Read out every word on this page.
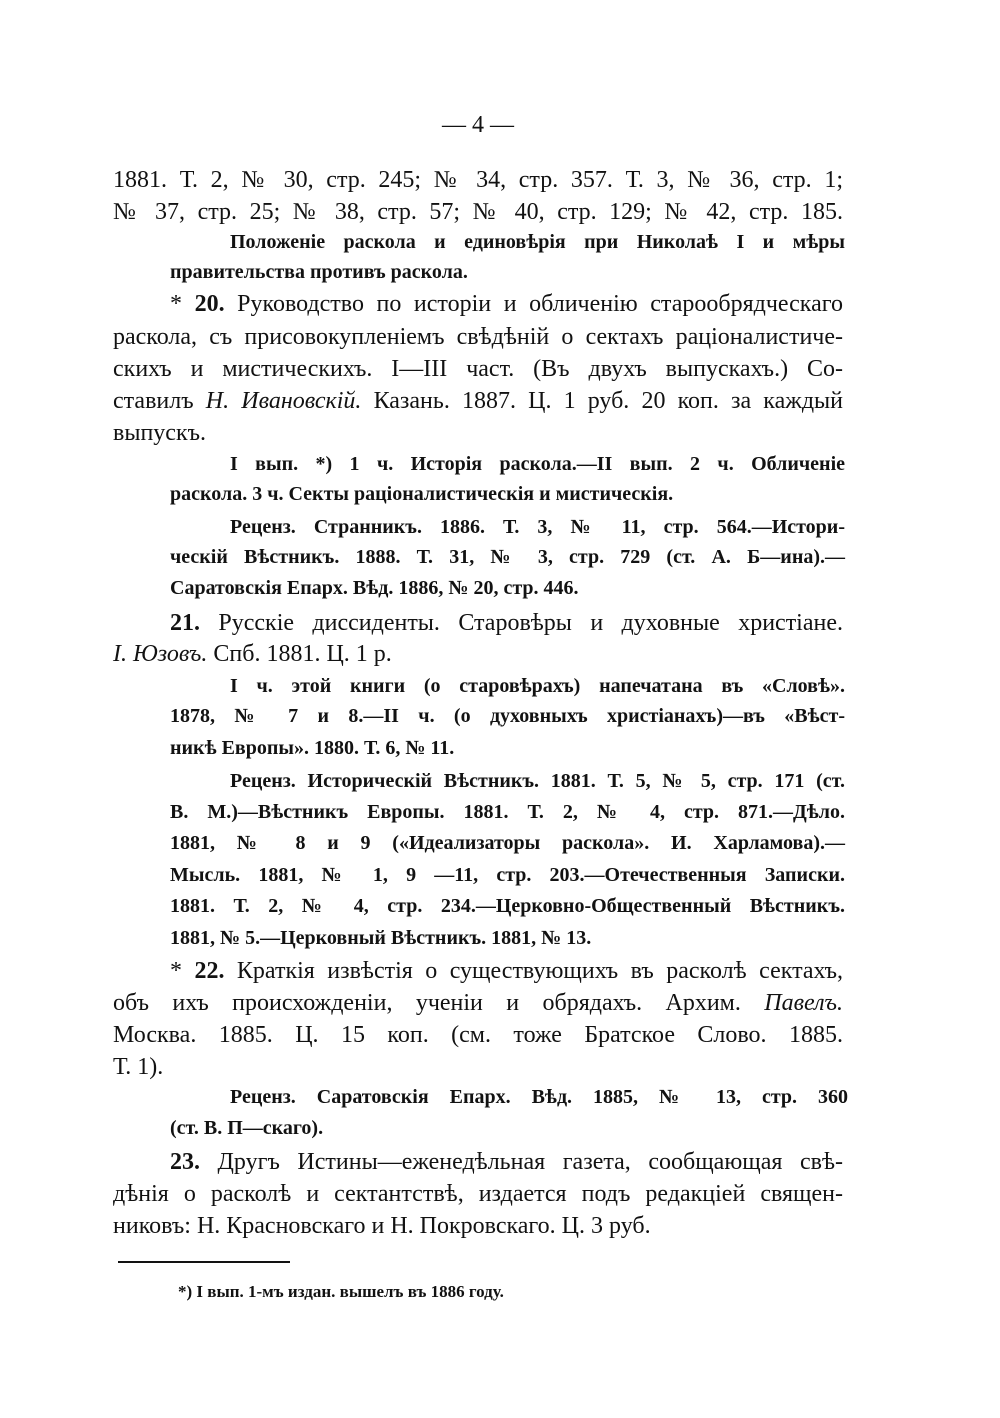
— 4 —
1881. Т. 2, № 30, стр. 245; № 34, стр. 357. Т. 3, № 36, стр. 1;
№ 37, стр. 25; № 38, стр. 57; № 40, стр. 129; № 42, стр. 185.
Положеніе раскола и единовѣрія при Николаѣ I и мѣры
правительства противъ раскола.
* 20. Руководство по исторіи и обличенію старообрядческаго
раскола, съ присовокупленіемъ свѣдѣній о сектахъ раціоналистиче-
скихъ и мистическихъ. I—III част. (Въ двухъ выпускахъ.) Со-
ставилъ Н. Ивановскій. Казань. 1887. Ц. 1 руб. 20 коп. за каждый
выпускъ.
I вып. *) 1 ч. Исторія раскола.—II вып. 2 ч. Обличеніе
раскола. 3 ч. Секты раціоналистическія и мистическія.
Реценз. Странникъ. 1886. Т. 3, № 11, стр. 564.—Истори-
ческій Вѣстникъ. 1888. Т. 31, № 3, стр. 729 (ст. А. Б—ина).—
Саратовскія Епарх. Вѣд. 1886, № 20, стр. 446.
21. Русскіе диссиденты. Старовѣры и духовные христіане.
I. Юзовъ. Спб. 1881. Ц. 1 р.
I ч. этой книги (о старовѣрахъ) напечатана въ «Словѣ».
1878, № 7 и 8.—II ч. (о духовныхъ христіанахъ)—въ «Вѣст-
никѣ Европы». 1880. Т. 6, № 11.
Реценз. Историческій Вѣстникъ. 1881. Т. 5, № 5, стр. 171 (ст.
В. М.)—Вѣстникъ Европы. 1881. Т. 2, № 4, стр. 871.—Дѣло.
1881, № 8 и 9 («Идеализаторы раскола». И. Харламова).—
Мысль. 1881, № 1, 9 —11, стр. 203.—Отечественныя Записки.
1881. Т. 2, № 4, стр. 234.—Церковно-Общественный Вѣстникъ.
1881, № 5.—Церковный Вѣстникъ. 1881, № 13.
* 22. Краткія извѣстія о существующихъ въ расколѣ сектахъ,
объ ихъ происхожденіи, ученіи и обрядахъ. Архим. Павелъ.
Москва. 1885. Ц. 15 коп. (см. тоже Братское Слово. 1885.
Т. 1).
Реценз. Саратовскія Епарх. Вѣд. 1885, № 13, стр. 360
(ст. В. П—скаго).
23. Другъ Истины—еженедѣльная газета, сообщающая свѣ-
дѣнія о расколѣ и сектантствѣ, издается подъ редакціей священ-
никовъ: Н. Красновскаго и Н. Покровскаго. Ц. 3 руб.
*) I вып. 1-мъ издан. вышелъ въ 1886 году.
